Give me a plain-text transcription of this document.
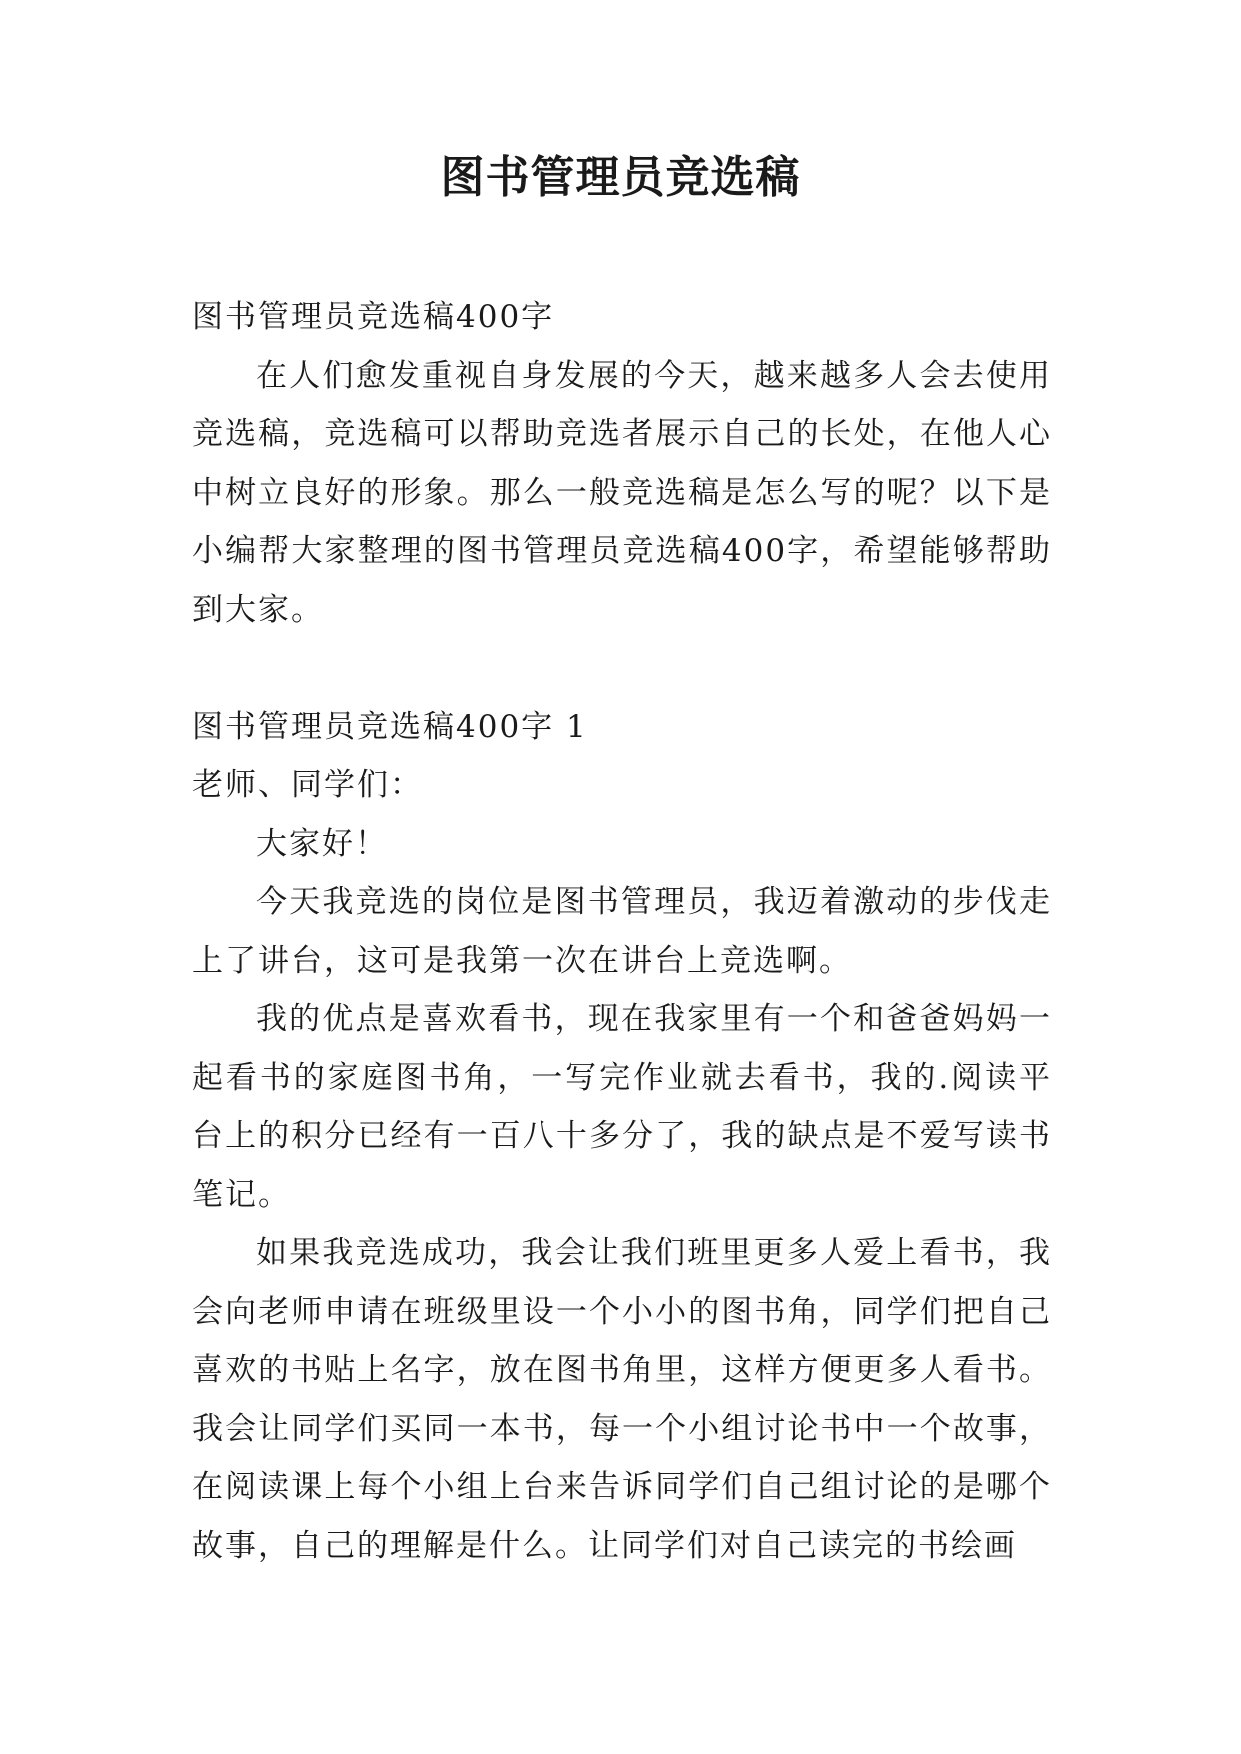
图书管理员竞选稿

图书管理员竞选稿400字

在人们愈发重视自身发展的今天，越来越多人会去使用竞选稿，竞选稿可以帮助竞选者展示自己的长处，在他人心中树立良好的形象。那么一般竞选稿是怎么写的呢？以下是小编帮大家整理的图书管理员竞选稿400字，希望能够帮助到大家。

图书管理员竞选稿400字 1

老师、同学们：

大家好！

今天我竞选的岗位是图书管理员，我迈着激动的步伐走上了讲台，这可是我第一次在讲台上竞选啊。

我的优点是喜欢看书，现在我家里有一个和爸爸妈妈一起看书的家庭图书角，一写完作业就去看书，我的.阅读平台上的积分已经有一百八十多分了，我的缺点是不爱写读书笔记。

如果我竞选成功，我会让我们班里更多人爱上看书，我会向老师申请在班级里设一个小小的图书角，同学们把自己喜欢的书贴上名字，放在图书角里，这样方便更多人看书。我会让同学们买同一本书，每一个小组讨论书中一个故事，在阅读课上每个小组上台来告诉同学们自己组讨论的是哪个故事，自己的理解是什么。让同学们对自己读完的书绘画
